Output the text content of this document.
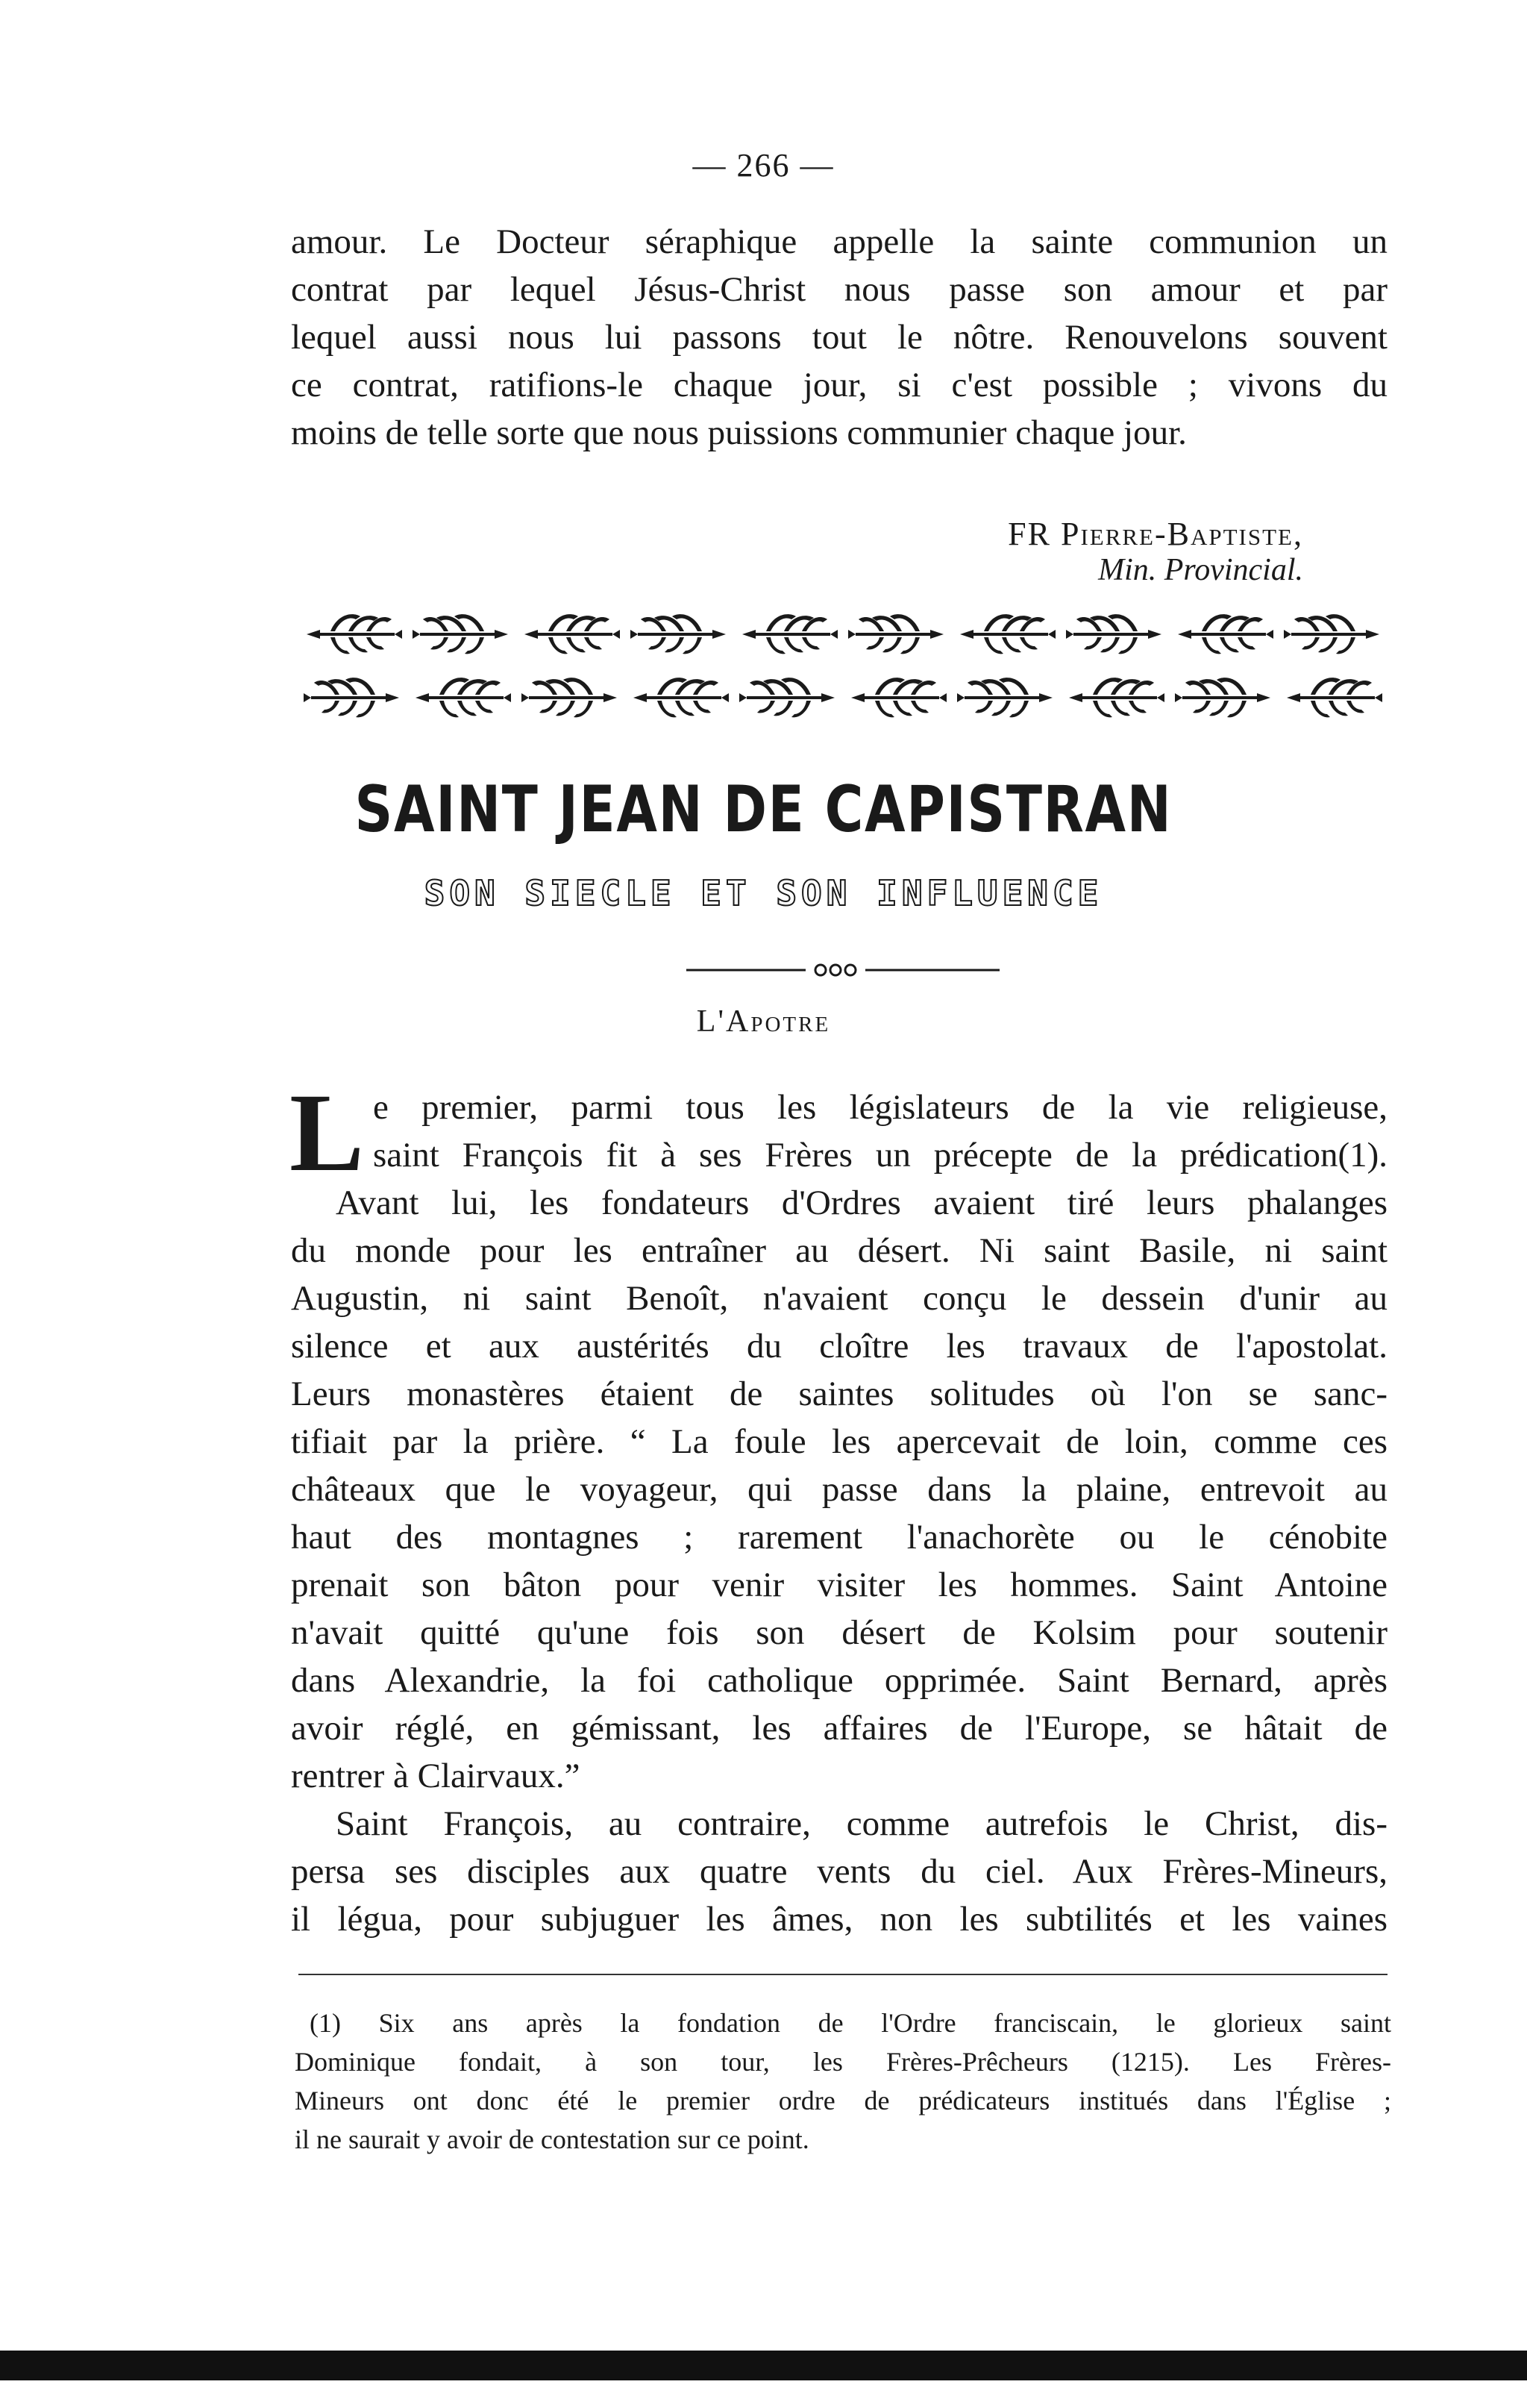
— 266 —
amour. Le Docteur séraphique appelle la sainte communion un
contrat par lequel Jésus-Christ nous passe son amour et par
lequel aussi nous lui passons tout le nôtre. Renouvelons souvent
ce contrat, ratifions-le chaque jour, si c'est possible ; vivons du
moins de telle sorte que nous puissions communier chaque jour.
FR Pierre-Baptiste,
Min. Provincial.
SAINT JEAN DE CAPISTRAN
SON SIECLE ET SON INFLUENCE
L'Apotre
L e premier, parmi tous les législateurs de la vie religieuse,
saint François fit à ses Frères un précepte de la prédication(1).
Avant lui, les fondateurs d'Ordres avaient tiré leurs phalanges
du monde pour les entraîner au désert. Ni saint Basile, ni saint
Augustin, ni saint Benoît, n'avaient conçu le dessein d'unir au
silence et aux austérités du cloître les travaux de l'apostolat.
Leurs monastères étaient de saintes solitudes où l'on se sanc-
tifiait par la prière. “ La foule les apercevait de loin, comme ces
châteaux que le voyageur, qui passe dans la plaine, entrevoit au
haut des montagnes ; rarement l'anachorète ou le cénobite
prenait son bâton pour venir visiter les hommes. Saint Antoine
n'avait quitté qu'une fois son désert de Kolsim pour soutenir
dans Alexandrie, la foi catholique opprimée. Saint Bernard, après
avoir réglé, en gémissant, les affaires de l'Europe, se hâtait de
rentrer à Clairvaux.”
Saint François, au contraire, comme autrefois le Christ, dis-
persa ses disciples aux quatre vents du ciel. Aux Frères-Mineurs,
il légua, pour subjuguer les âmes, non les subtilités et les vaines
(1) Six ans après la fondation de l'Ordre franciscain, le glorieux saint
Dominique fondait, à son tour, les Frères-Prêcheurs (1215). Les Frères-
Mineurs ont donc été le premier ordre de prédicateurs institués dans l'Église ;
il ne saurait y avoir de contestation sur ce point.
